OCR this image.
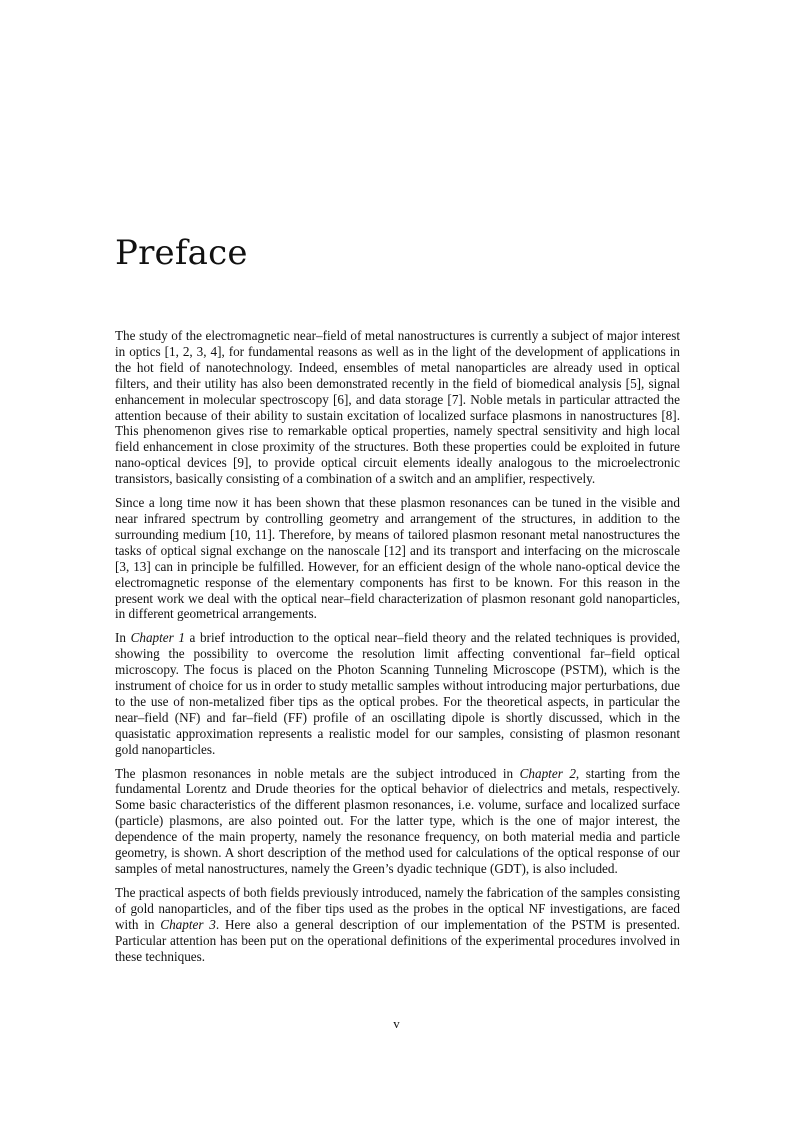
Preface

The study of the electromagnetic near–field of metal nanostructures is currently a subject of major interest in optics [1, 2, 3, 4], for fundamental reasons as well as in the light of the development of applications in the hot field of nanotechnology. Indeed, ensembles of metal nanoparticles are already used in optical filters, and their utility has also been demonstrated recently in the field of biomedical analysis [5], signal enhancement in molecular spectroscopy [6], and data storage [7]. Noble metals in particular attracted the attention because of their ability to sustain excitation of localized surface plasmons in nanostructures [8]. This phenomenon gives rise to remarkable optical properties, namely spectral sensitivity and high local field enhancement in close proximity of the structures. Both these properties could be exploited in future nano-optical devices [9], to provide optical circuit elements ideally analogous to the microelectronic transistors, basically consisting of a combination of a switch and an amplifier, respectively.

Since a long time now it has been shown that these plasmon resonances can be tuned in the visible and near infrared spectrum by controlling geometry and arrangement of the structures, in addition to the surrounding medium [10, 11]. Therefore, by means of tailored plasmon resonant metal nanostructures the tasks of optical signal exchange on the nanoscale [12] and its transport and interfacing on the microscale [3, 13] can in principle be fulfilled. However, for an efficient design of the whole nano-optical device the electromagnetic response of the elementary components has first to be known. For this reason in the present work we deal with the optical near–field characterization of plasmon resonant gold nanoparticles, in different geometrical arrangements.

In Chapter 1 a brief introduction to the optical near–field theory and the related techniques is provided, showing the possibility to overcome the resolution limit affecting conventional far–field optical microscopy. The focus is placed on the Photon Scanning Tunneling Microscope (PSTM), which is the instrument of choice for us in order to study metallic samples without introducing major perturbations, due to the use of non-metalized fiber tips as the optical probes. For the theoretical aspects, in particular the near–field (NF) and far–field (FF) profile of an oscillating dipole is shortly discussed, which in the quasistatic approximation represents a realistic model for our samples, consisting of plasmon resonant gold nanoparticles.

The plasmon resonances in noble metals are the subject introduced in Chapter 2, starting from the fundamental Lorentz and Drude theories for the optical behavior of dielectrics and metals, respectively. Some basic characteristics of the different plasmon resonances, i.e. volume, surface and localized surface (particle) plasmons, are also pointed out. For the latter type, which is the one of major interest, the dependence of the main property, namely the resonance frequency, on both material media and particle geometry, is shown. A short description of the method used for calculations of the optical response of our samples of metal nanostructures, namely the Green’s dyadic technique (GDT), is also included.

The practical aspects of both fields previously introduced, namely the fabrication of the samples consisting of gold nanoparticles, and of the fiber tips used as the probes in the optical NF investigations, are faced with in Chapter 3. Here also a general description of our implementation of the PSTM is presented. Particular attention has been put on the operational definitions of the experimental procedures involved in these techniques.

v
